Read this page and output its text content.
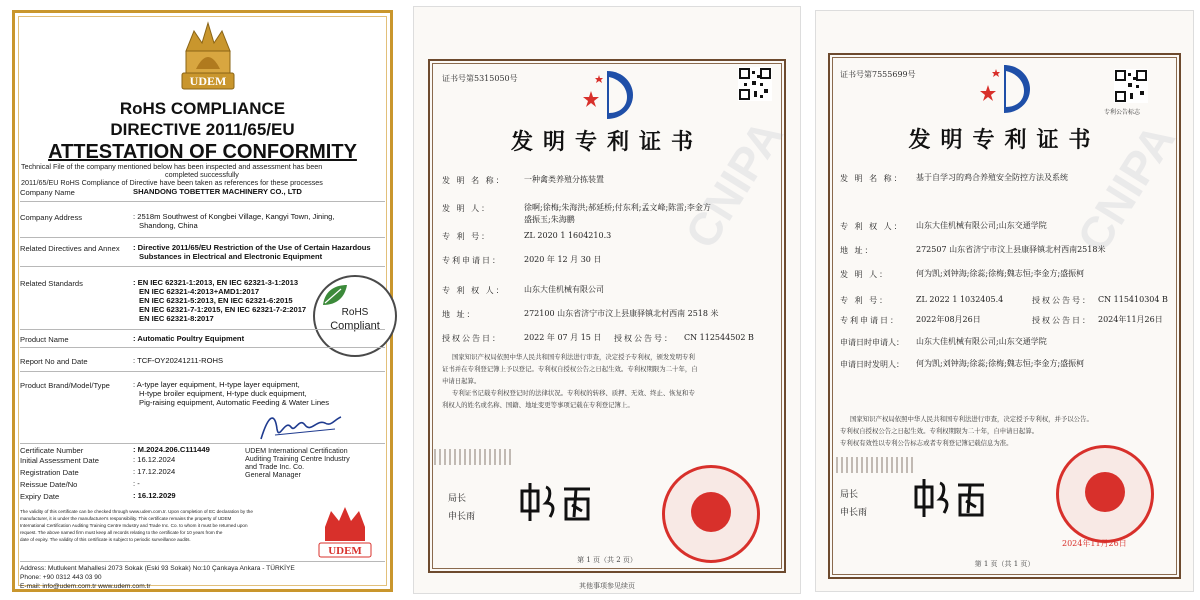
UDEM
RoHS COMPLIANCE
DIRECTIVE 2011/65/EU
ATTESTATION OF CONFORMITY
Technical File of the company mentioned below has been inspected and assessment has been
completed successfully
2011/65/EU RoHS Compliance of Directive have been taken as references for these processes
Company Name	SHANDONG TOBETTER MACHINERY CO., LTD
Company Address	: 2518m Southwest of Kongbei Village, Kangyi Town, Jining,
Shandong, China
Related Directives and Annex : Directive 2011/65/EU Restriction of the Use of Certain Hazardous
Substances in Electrical and Electronic Equipment
Related Standards	: EN IEC 62321-1:2013, EN IEC 62321-3-1:2013
EN IEC 62321-4:2013+AMD1:2017
EN IEC 62321-5:2013, EN IEC 62321-6:2015
EN IEC 62321-7-1:2015, EN IEC 62321-7-2:2017
EN IEC 62321-8:2017
RoHS
Compliant
Product Name	: Automatic Poultry Equipment
Report No and Date	: TCF-OY20241211-ROHS
Product Brand/Model/Type	: A-type layer equipment, H-type layer equipment,
H-type broiler equipment, H-type duck equipment,
Pig-raising equipment, Automatic Feeding & Water Lines
Certificate Number	: M.2024.206.C111449
Initial Assessment Date	: 16.12.2024
Registration Date	: 17.12.2024
Reissue Date/No	: -
Expiry Date	: 16.12.2029
UDEM International Certification
Auditing Training Centre Industry
and Trade Inc. Co.
General Manager
The validity of this certificate can be checked through www.udem.com.tr. Upon completion of EC declaration by the
manufacturer, it is under the manufacturer's responsibility. This certificate remains the property of UDEM
International Certification Auditing Training Centre Industry and Trade Inc. Co. to whom it must be returned upon
request. The above named firm must keep all records relating to the certificate for 10 years from the
date of expiry. The validity of this certificate is subject to periodic surveillance audits.
UDEM
Address: Mutlukent Mahallesi 2073 Sokak (Eski 93 Sokak) No:10 Çankaya Ankara - TÜRKİYE
Phone: +90 0312 443 03 90
E-mail: info@udem.com.tr www.udem.com.tr
CNIPA
证书号第5315050号
发明专利证书
发 明 名 称： 一种禽类养殖分拣装置
发 明 人：	徐啊;徐梅;朱海洪;郝延桥;付东利;孟文峰;陈雷;李金方
盛振玉;朱海鹏
专 利 号：	ZL 2020 1 1604210.3
专利申请日：	2020 年 12 月 30 日
专 利 权 人： 山东大佳机械有限公司
地 址：	272100 山东省济宁市汶上县康驿镇北村西南 2518 米
授权公告日：	2022 年 07 月 15 日 授权公告号： CN 112544502 B
国家知识产权局依照中华人民共和国专利法进行审查，决定授予专利权，颁发发明专利
证书并在专利登记簿上予以登记。专利权自授权公告之日起生效。专利权期限为二十年，自
申请日起算。
专利证书记载专利权登记时的法律状况。专利权的转移、质押、无效、终止、恢复和专
利权人的姓名或名称、国籍、地址变更等事项记载在专利登记簿上。
局长
申长雨
第 1 页（共 2 页）
其他事项参见续页
CNIPA
证书号第7555699号
专利公告标志
发明专利证书
发 明 名 称： 基于自学习的鸡合养殖安全防控方法及系统
专 利 权 人： 山东大佳机械有限公司;山东交通学院
地 址：	272507 山东省济宁市汶上县康驿镇北村西南2518米
发 明 人：	何为凯;刘钟海;徐蕊;徐梅;魏志恒;李金方;盛振柯
专 利 号：	ZL 2022 1 1032405.4	授权公告号： CN 115410304 B
专利申请日： 2022年08月26日	授权公告日： 2024年11月26日
申请日时申请人： 山东大佳机械有限公司;山东交通学院
申请日时发明人： 何为凯;刘钟海;徐蕊;徐梅;魏志恒;李金方;盛振柯
国家知识产权局依照中华人民共和国专利法进行审查，决定授予专利权，并予以公告。
专利权自授权公告之日起生效。专利权期限为二十年，自申请日起算。
专利权有效性以专利公告标志或者专利登记簿记载信息为准。
局长
申长雨
2024年11月26日
第 1 页（共 1 页）
